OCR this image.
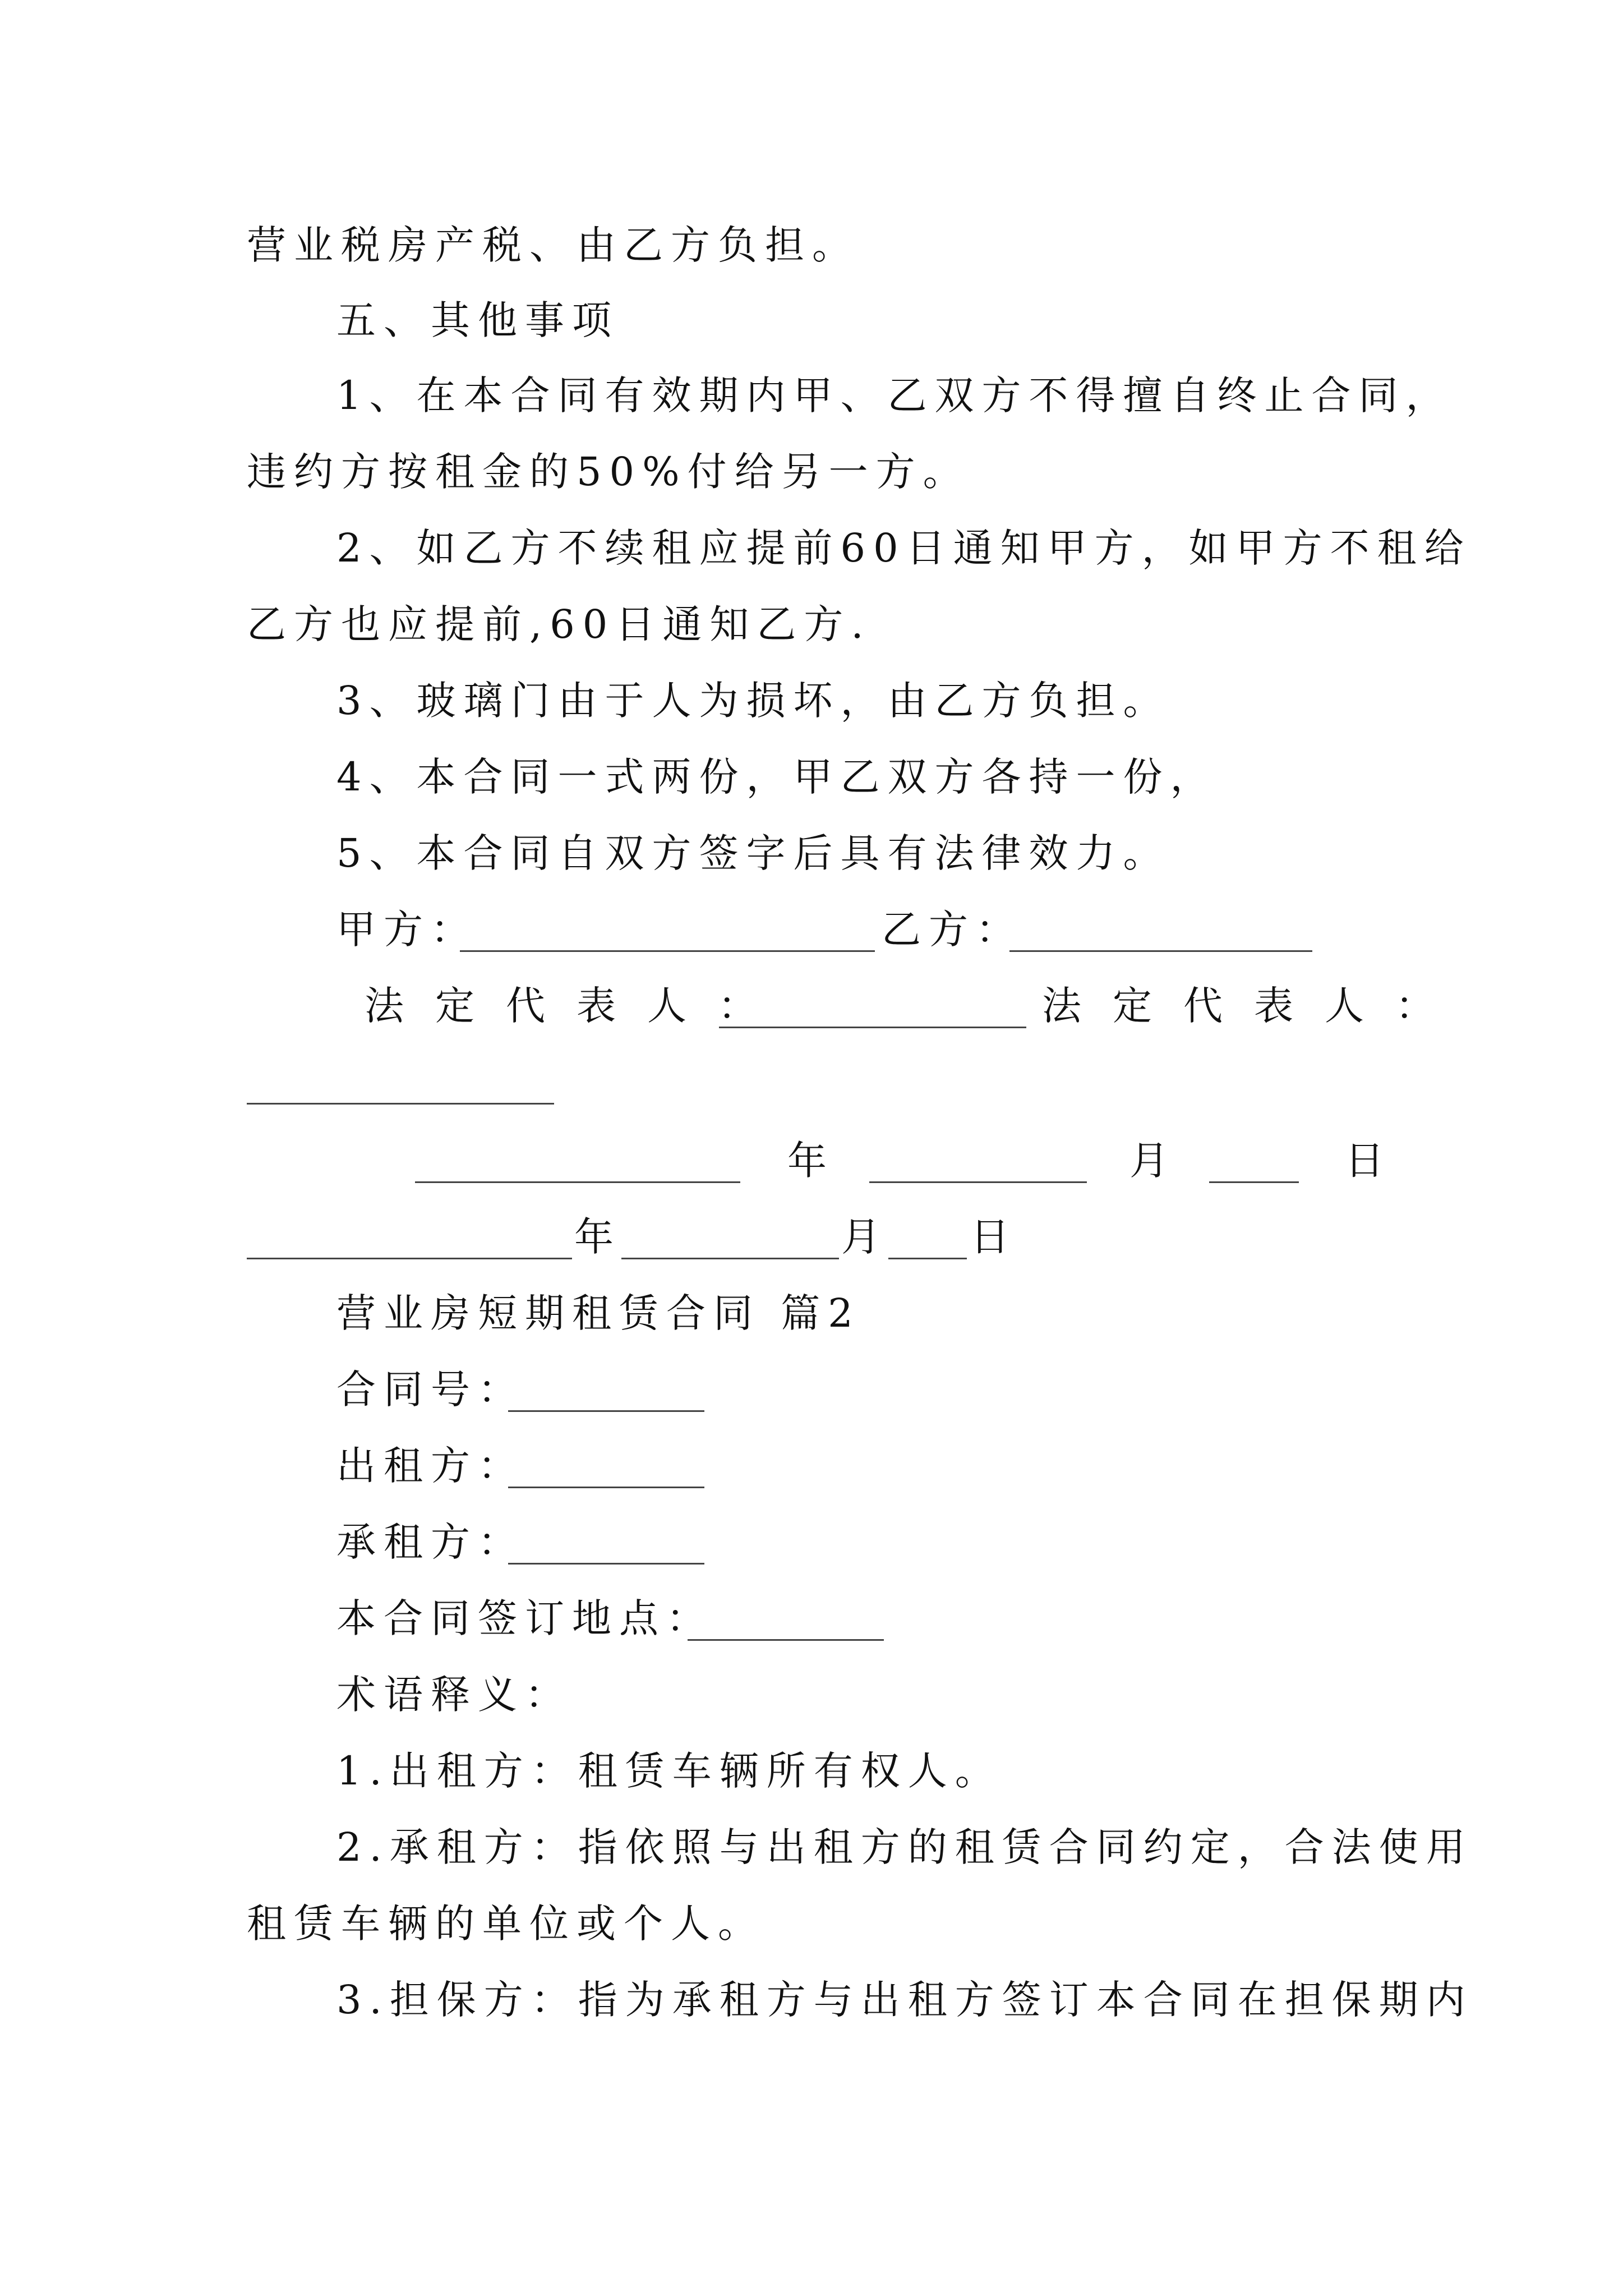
营业税房产税、由乙方负担。
五、其他事项
1、在本合同有效期内甲、乙双方不得擅自终止合同，
违约方按租金的50%付给另一方。
2、如乙方不续租应提前60日通知甲方，如甲方不租给
乙方也应提前,60日通知乙方.
3、玻璃门由于人为损坏，由乙方负担。
4、本合同一式两份，甲乙双方各持一份，
5、本合同自双方签字后具有法律效力。
甲方：	乙方：
法定代表人：	法定代表人：
年	月	日
年	月 日
营业房短期租赁合同 篇2
合同号：
出租方：
承租方：
本合同签订地点：
术语释义：
1.出租方：租赁车辆所有权人。
2.承租方：指依照与出租方的租赁合同约定，合法使用
租赁车辆的单位或个人。
3.担保方：指为承租方与出租方签订本合同在担保期内
